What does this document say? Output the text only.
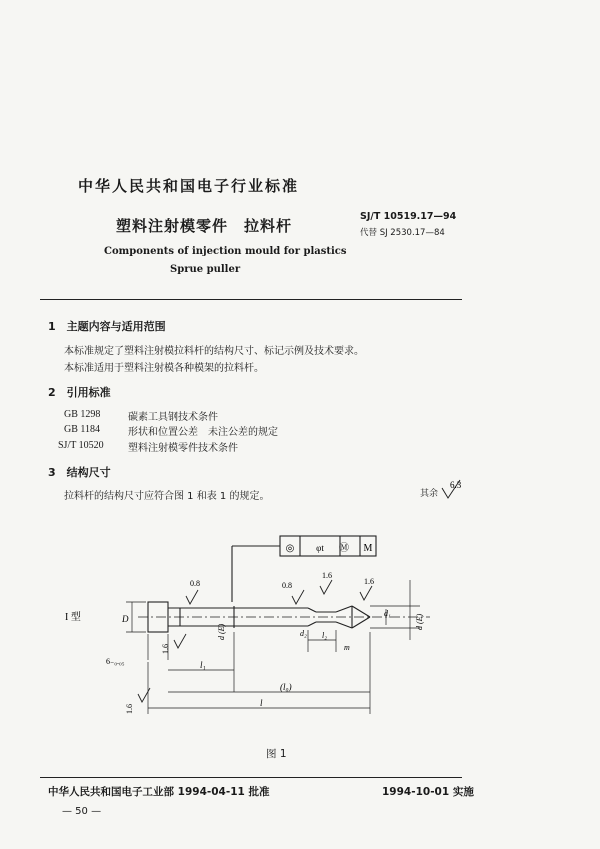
中华人民共和国电子行业标准
塑料注射模零件　拉料杆
SJ/T 10519.17—94
代替 SJ 2530.17—84
Components of injection mould for plastics
Sprue puller
1　主题内容与适用范围
本标准规定了塑料注射模拉料杆的结构尺寸、标记示例及技术要求。
本标准适用于塑料注射模各种模架的拉料杆。
2　引用标准
GB 1298	碳素工具钢技术条件
GB 1184	形状和位置公差　未注公差的规定
SJ/T 10520 塑料注射模零件技术条件
3　结构尺寸
拉料杆的结构尺寸应符合图 1 和表 1 的规定。	其余
6.3
Ⓜ M
◎ φt
I 型	D
d (E)	d₂
d₁
d (E)
l₁
(l₀)
l
l₂
m
6₋₀.₀₅
0.8	0.8
1.6
1.6
1.6
1.6
图 1
中华人民共和国电子工业部 1994-04-11 批准	1994-10-01 实施
— 50 —
